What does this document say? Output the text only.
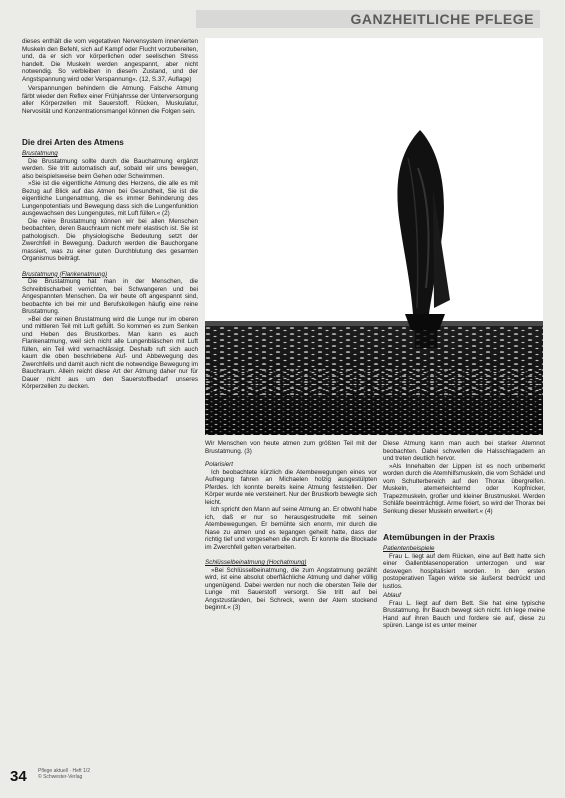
GANZHEITLICHE PFLEGE

dieses enthält die vom vegetativen Nervensystem innervierten Muskeln den Befehl, sich auf Kampf oder Flucht vorzubereiten, und, da er sich vor körperlichen oder seelischen Stress handelt. Die Muskeln werden angespannt, aber nicht notwendig. So verbleiben in diesem Zustand, und der Angstspannung wird oder Verspannung«. (12, S.37, Auflage)

Verspannungen behindern die Atmung. Falsche Atmung färbt wieder den Reflex einer Frühjahrsse der Unterversorgung aller Körperzellen mit Sauerstoff. Rücken, Muskulatur, Nervosität und Konzentrationsmangel können die Folgen sein.

Die drei Arten des Atmens
Brustatmung

Die Brustatmung sollte durch die Bauchatmung ergänzt werden. Sie tritt automatisch auf, sobald wir uns bewegen, also beispielsweise beim Gehen oder Schwimmen.

»Sie ist die eigentliche Atmung des Herzens, die alle es mit Bezug auf Blick auf das Atmen bei Gesundheit, Sie ist die eigentliche Lungenatmung, die es immer Behinderung des Lungenpotentials und Bewegung dass sich die Lungenfunktion ausgewachsen des Lungengutes, mit Luft füllen.« (2)

Die reine Brustatmung können wir bei allen Menschen beobachten, deren Bauchraum nicht mehr elastisch ist. Sie ist pathologisch. Die physiologische Bedeutung setzt der Zwerchfell in Bewegung. Dadurch werden die Bauchorgane massiert, was zu einer guten Durchblutung des gesamten Organismus beiträgt.

Brustatmung (Flankenatmung)

Die Brustatmung hat man in der Menschen, die Schreibtischarbeit verrichten, bei Schwangeren und bei Angespannten Menschen. Da wir heute oft angespannt sind, beobachte ich bei mir und Berufskollegen häufig eine reine Brustatmung.

»Bei der reinen Brustatmung wird die Lunge nur im oberen und mittleren Teil mit Luft gefüllt. So kommen es zum Senken und Heben des Brustkorbes. Man kann es auch Flankenatmung, weil sich nicht alle Lungenbläschen mit Luft füllen, ein Teil wird vernachlässigt. Deshalb ruft sich auch kaum die oben beschriebene Auf- und Abbewegung des Zwerchfells und damit auch nicht die notwendige Bewegung im Bauchraum. Allein reicht diese Art der Atmung daher nur für Dauer nicht aus um den Sauerstoffbedarf unseres Körperzellen zu decken.

Wir Menschen von heute atmen zum größten Teil mit der Brustatmung. (3)

Polarisiert

Ich beobachtete kürzlich die Atembewegungen eines vor Aufregung fahren an Michaelen holzig ausgestülpten Pferdes. Ich konnte bereits keine Atmung feststellen. Der Körper wurde wie versteinert. Nur der Brustkorb bewegte sich leicht.

Ich spricht den Mann auf seine Atmung an. Er obwohl habe ich, daß er nur so herausgestrudelte mit seinen Atembewegungen. Er bemühte sich enorm, mir durch die Nase zu atmen und es tegangen geheilt hatte, dass der richtig tief und vorgesehen die durch. Er konnte die Blockade im Zwerchfell gelten verarbeiten.

Schlüsselbeinatmung (Hochatmung)

»Bei Schlüsselbeinatmung, die zum Angstatmung gezählt wird, ist eine absolut oberflächliche Atmung und daher völlig ungenügend. Dabei werden nur noch die obersten Teile der Lunge mit Sauerstoff versorgt. Sie tritt auf bei Angstzuständen, bei Schreck, wenn der Atem stockend beginnt.« (3)

Diese Atmung kann man auch bei starker Atemnot beobachten. Dabei schwellen die Halsschlagadern an und treten deutlich hervor.

»Als Innehalten der Lippen ist es noch unbemerkt worden durch die Atemhilfsmuskeln, die vom Schädel und vom Schulterbereich auf den Thorax übergreifen. Muskeln, atemerleichternd oder Kopfnicker, Trapezmuskeln, großer und kleiner Brustmuskel. Werden Schläfe beeinträchtigt. Arme fixiert, so wird der Thorax bei Senkung dieser Muskeln erweitert.« (4)

Atemübungen in der Praxis
Patientenbeispiele

Frau L. liegt auf dem Rücken, eine auf Bett hatte sich einer Gallenblasenoperation unterzogen und war deswegen hospitalisiert worden. In den ersten postoperativen Tagen wirkte sie äußerst bedrückt und lustlos.

Ablauf

Frau L. liegt auf dem Bett. Sie hat eine typische Brustatmung. Ihr Bauch bewegt sich nicht. Ich lege meine Hand auf ihren Bauch und fordere sie auf, diese zu spüren. Lange ist es unter meiner

34 Pflege aktuell · Heft 1/2
© Schwester-Verlag
